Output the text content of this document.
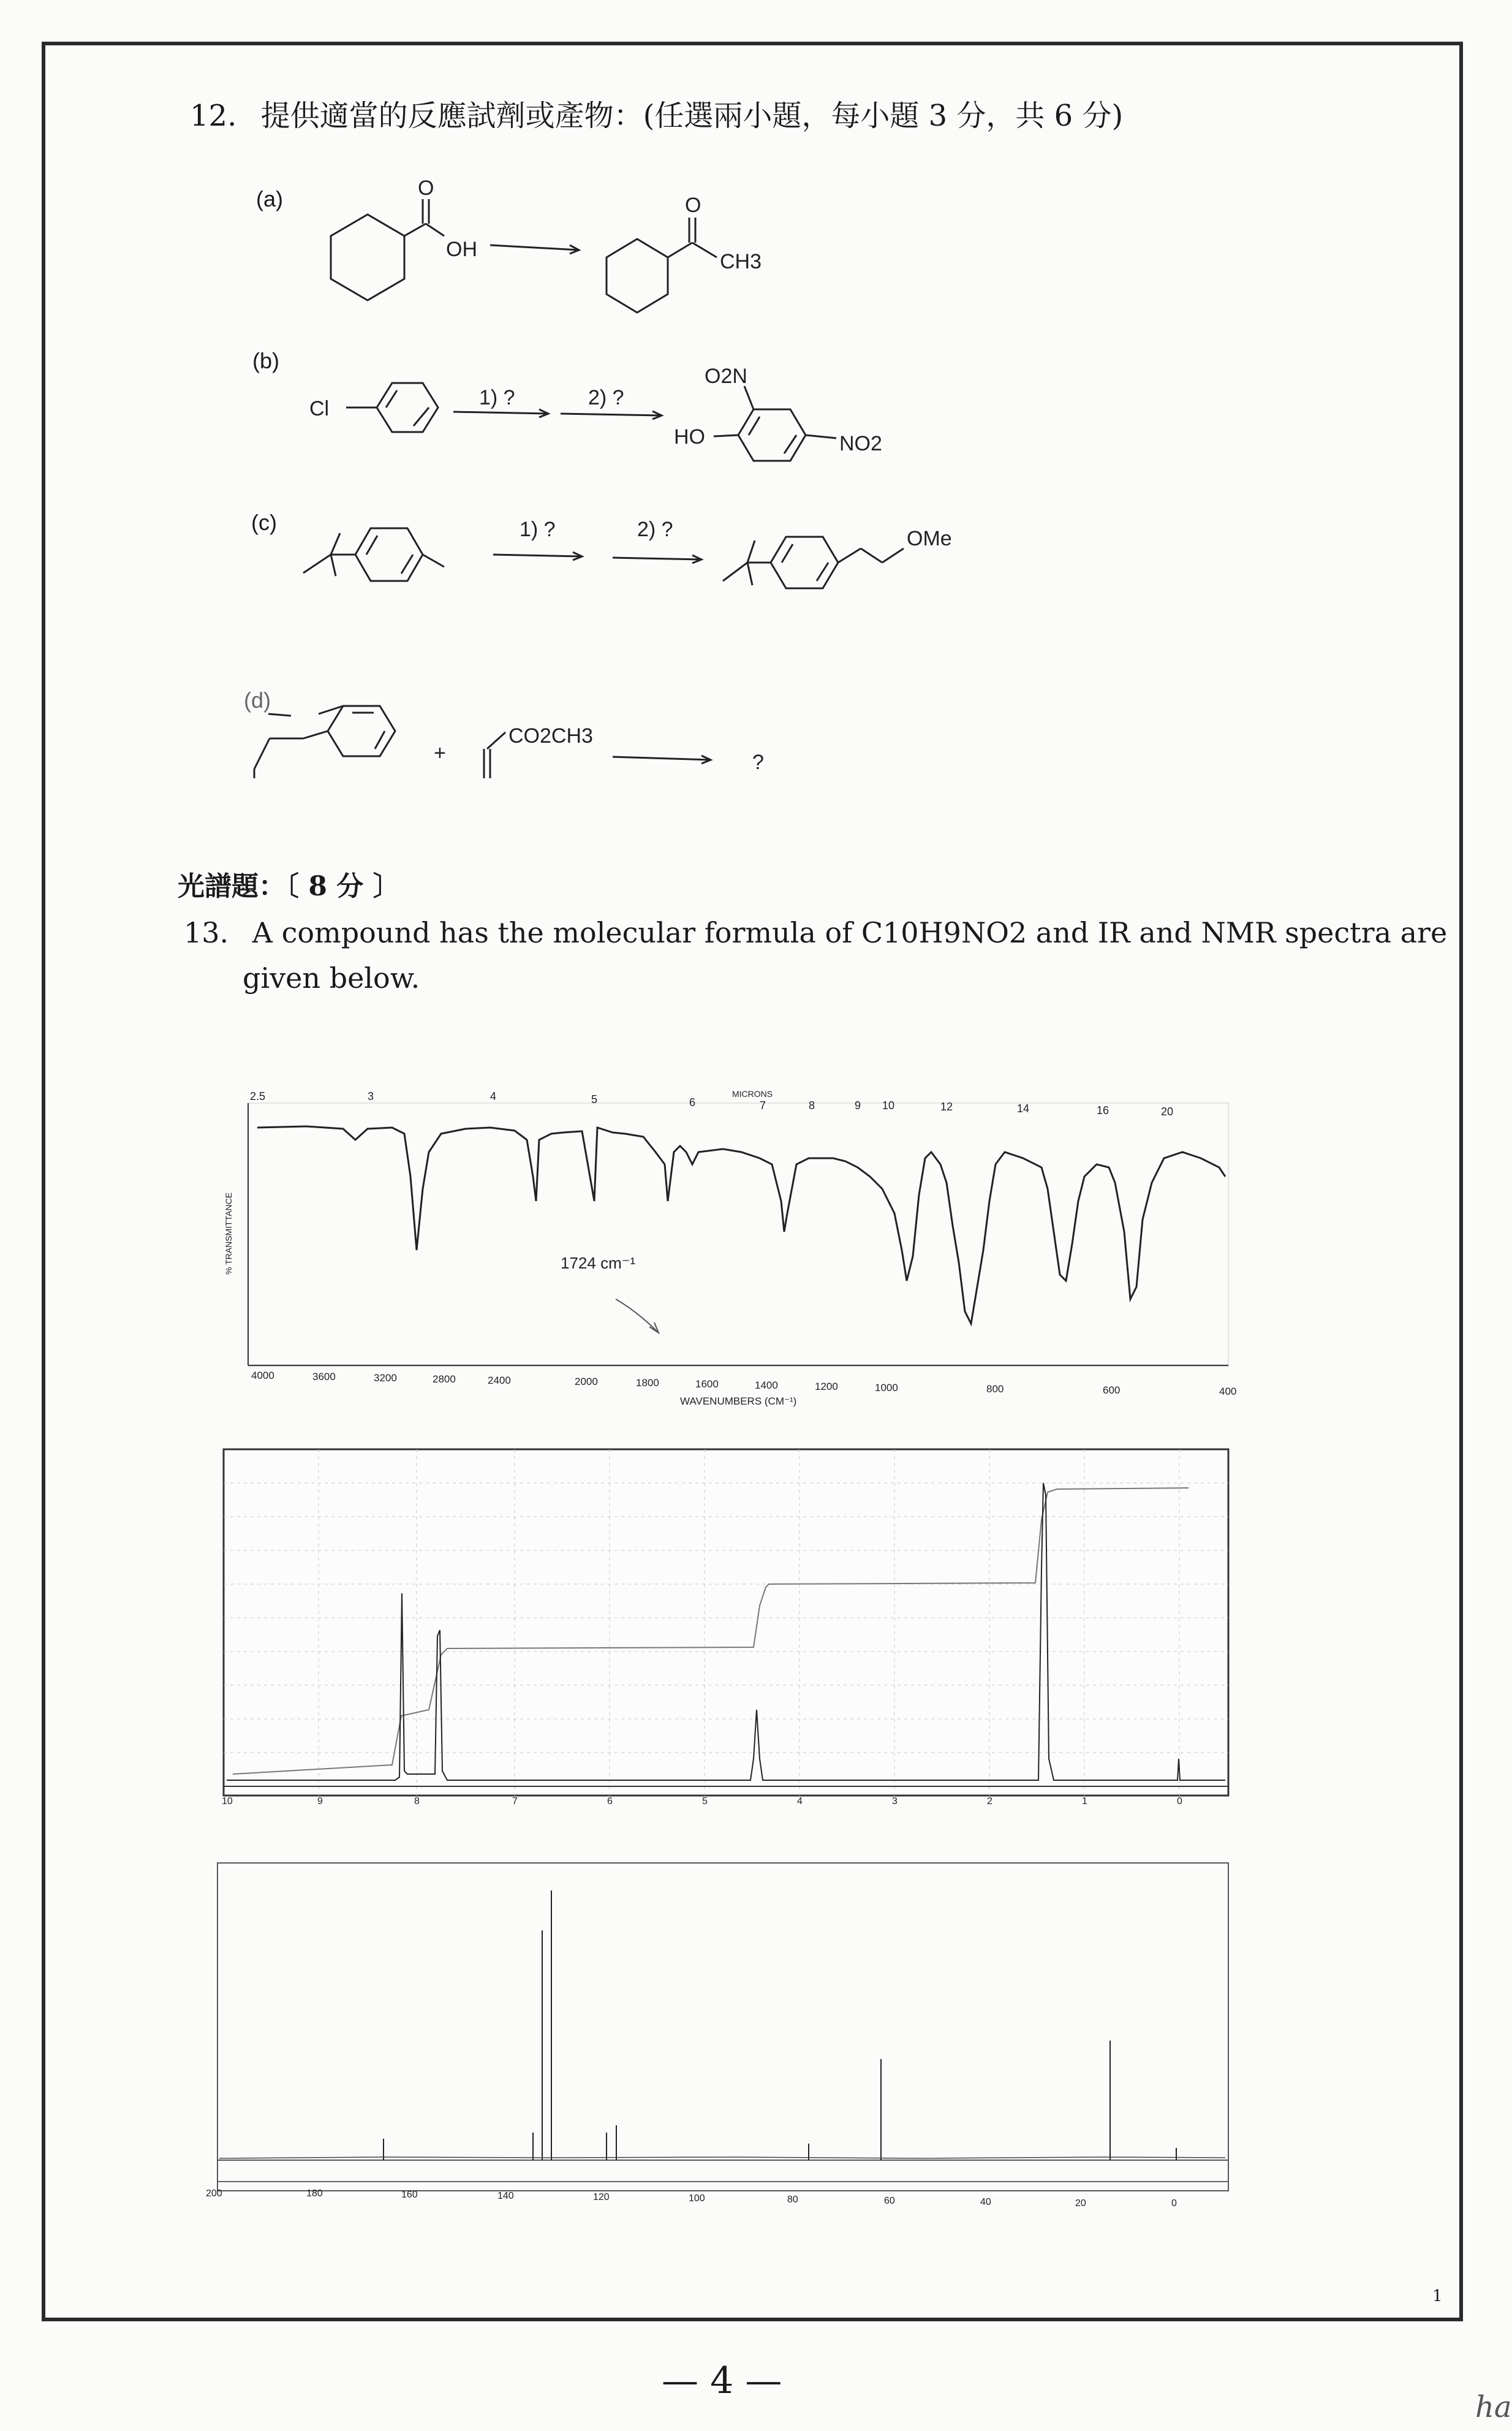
12. 提供適當的反應試劑或產物：(任選兩小題，每小題 3 分，共 6 分)
(a)
(b)
(c)
(d)
O
OH
O
CH3
Cl	1) ?	2) ?
O2N
HO	NO2
1) ?	2) ?	OMe
+
CO2CH3
?
光譜題：〔 8 分 〕
13. A compound has the molecular formula of C10H9NO2 and IR and NMR spectra are
given below.
1724 cm⁻¹
% TRANSMITTANCE
MICRONS
2.5	3	4	5	6	7	8	9 10	12	14	16	20
4000	3600	3200	2800	2400	2000	1800	1600	1400	1200	1000	800	600	400
WAVENUMBERS (CM⁻¹)
10	9	8	7	6	5	4	3	2	1	0
200	180	160	140	120	100	80	60	40	20	0
1
— 4 —
ha
